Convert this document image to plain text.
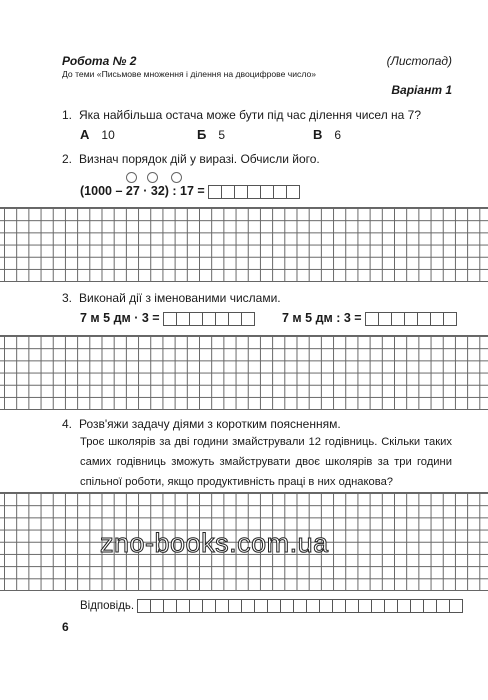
Робота № 2	(Листопад)
До теми «Письмове множення і ділення на двоцифрове число»
Варіант 1
1. Яка найбільша остача може бути під час ділення чисел на 7?
А 10	Б 5	В 6
2. Визнач порядок дій у виразі. Обчисли його.
(1000 – 27 · 32) : 17 =
3. Виконай дії з іменованими числами.
7 м 5 дм · 3 =	7 м 5 дм : 3 =
4. Розв'яжи задачу діями з коротким поясненням.
Троє школярів за дві години змайстрували 12 годівниць. Скільки таких самих годівниць зможуть змайструвати двоє школярів за три години спільної роботи, якщо продуктивність праці в них однакова?
zno-books.com.ua
Відповідь.
6
